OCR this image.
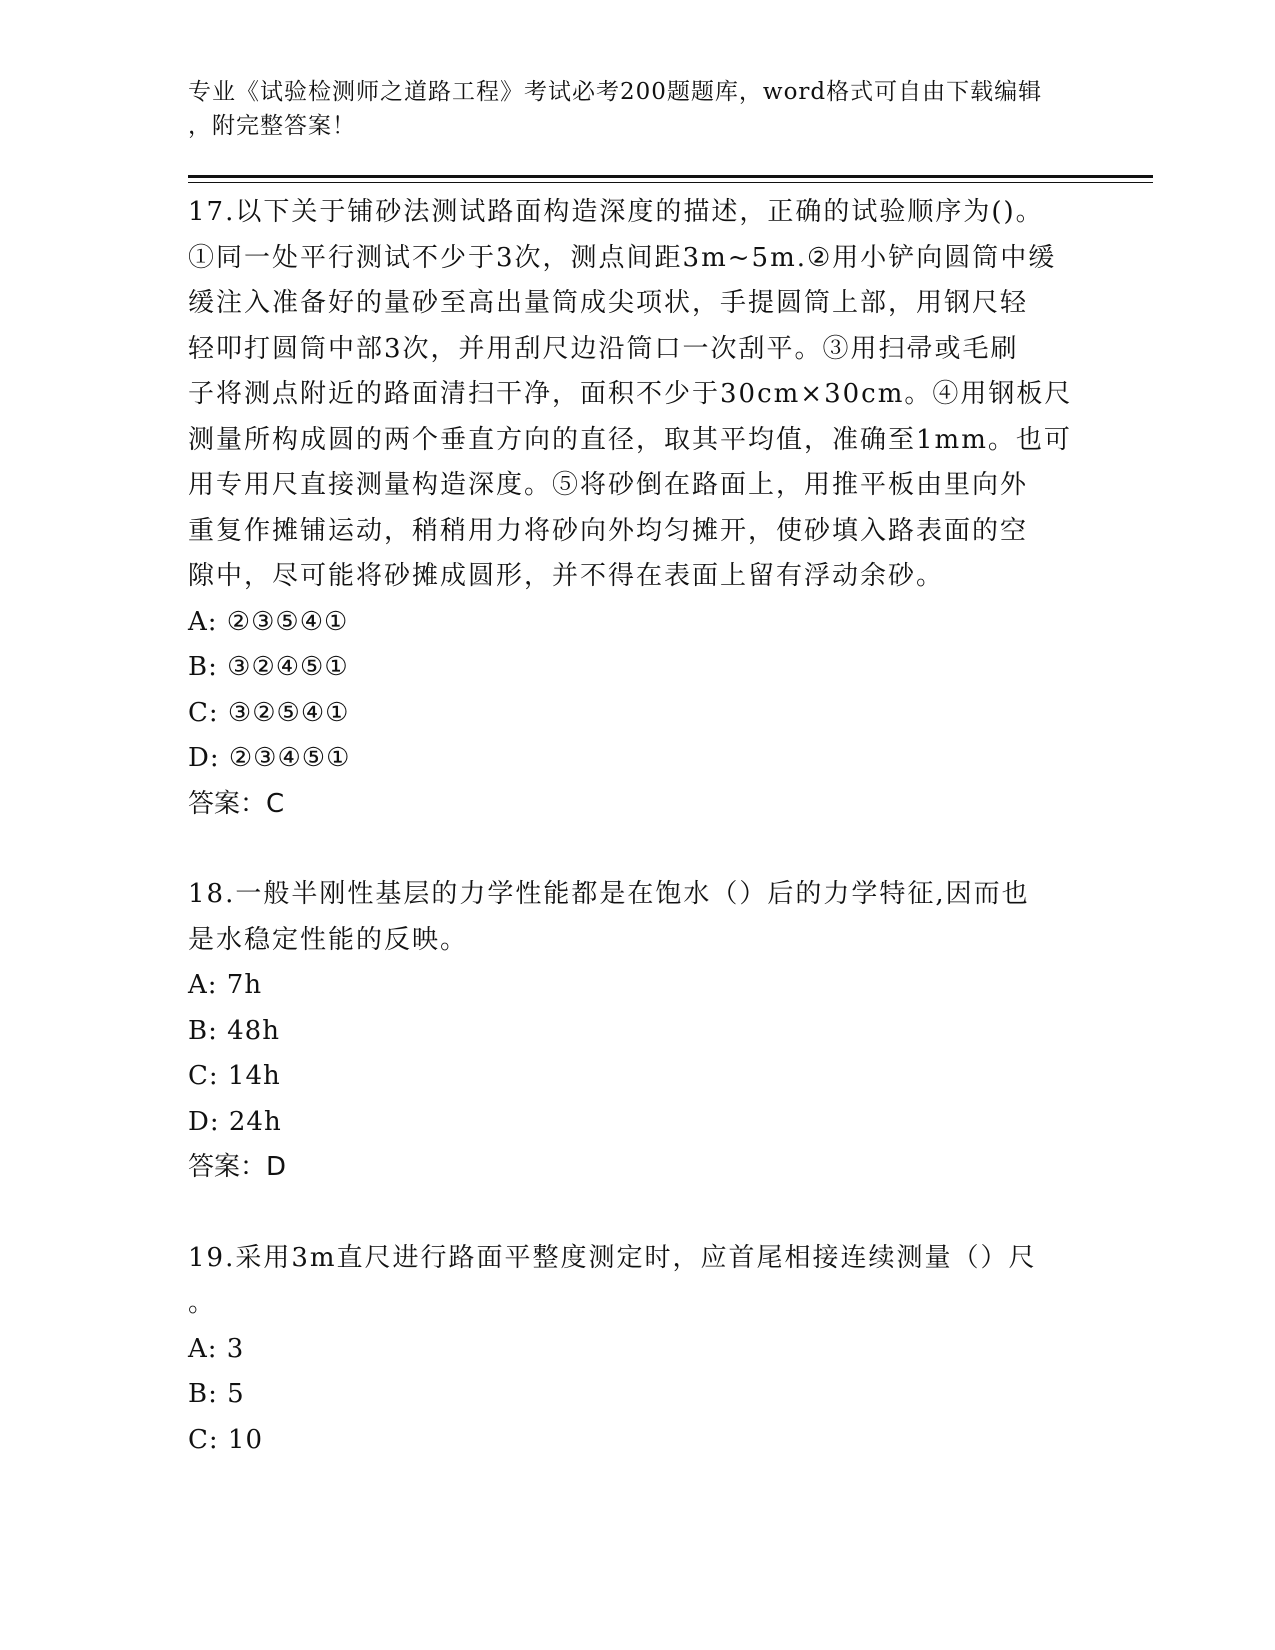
专业《试验检测师之道路工程》考试必考200题题库，word格式可自由下载编辑
，附完整答案！
17.以下关于铺砂法测试路面构造深度的描述，正确的试验顺序为()。
①同一处平行测试不少于3次，测点间距3m~5m.②用小铲向圆筒中缓
缓注入准备好的量砂至高出量筒成尖项状，手提圆筒上部，用钢尺轻
轻叩打圆筒中部3次，并用刮尺边沿筒口一次刮平。③用扫帚或毛刷
子将测点附近的路面清扫干净，面积不少于30cm×30cm。④用钢板尺
测量所构成圆的两个垂直方向的直径，取其平均值，准确至1mm。也可
用专用尺直接测量构造深度。⑤将砂倒在路面上，用推平板由里向外
重复作摊铺运动，稍稍用力将砂向外均匀摊开，使砂填入路表面的空
隙中，尽可能将砂摊成圆形，并不得在表面上留有浮动余砂。
A: ②③⑤④①
B: ③②④⑤①
C: ③②⑤④①
D: ②③④⑤①
答案：C
18.一般半刚性基层的力学性能都是在饱水（）后的力学特征,因而也
是水稳定性能的反映。
A: 7h
B: 48h
C: 14h
D: 24h
答案：D
19.采用3m直尺进行路面平整度测定时，应首尾相接连续测量（）尺
。
A: 3
B: 5
C: 10
